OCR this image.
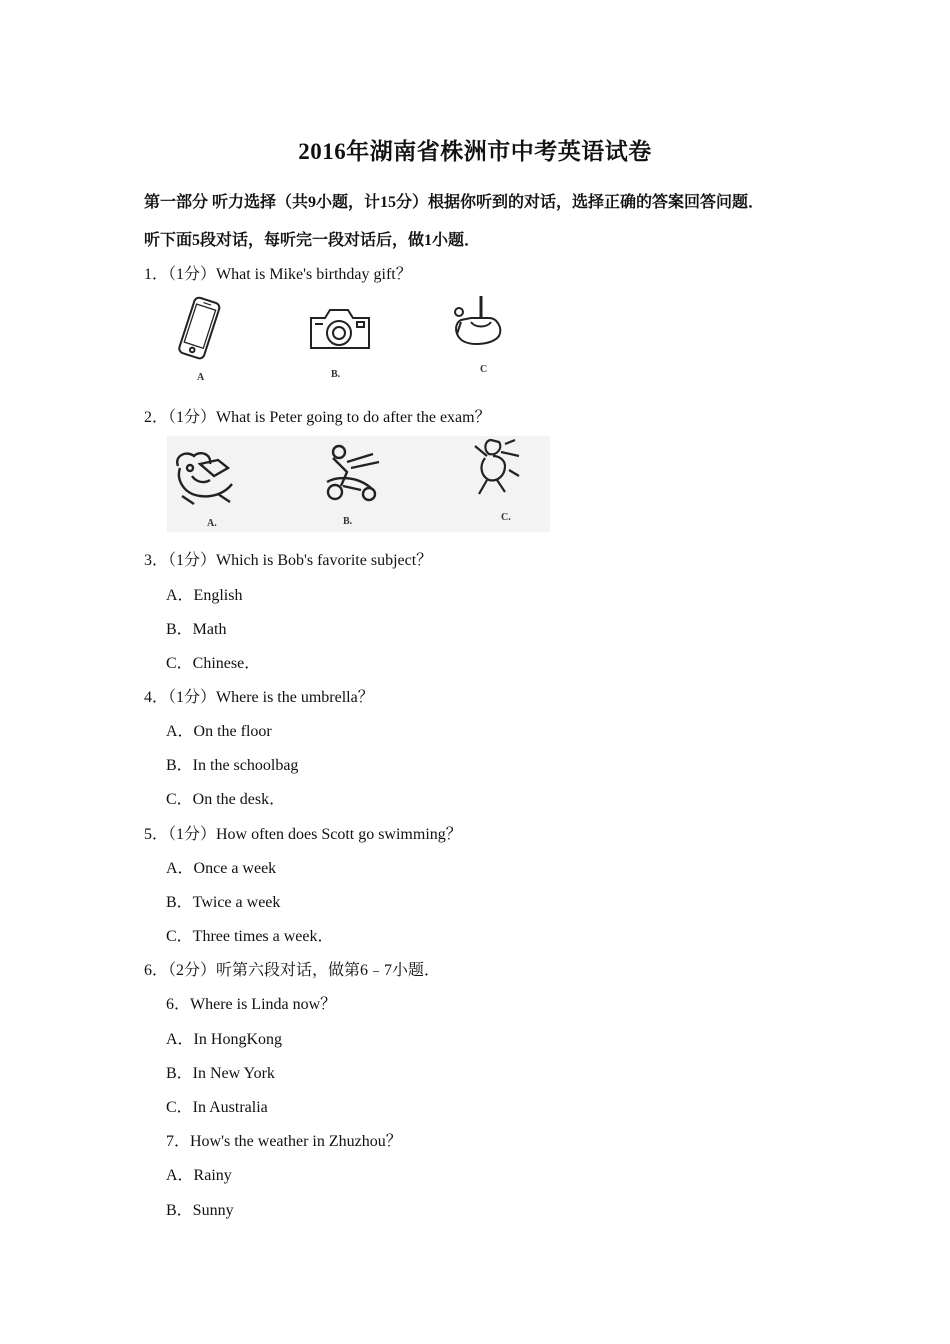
2016年湖南省株洲市中考英语试卷
第一部分 听力选择（共9小题，计15分）根据你听到的对话，选择正确的答案回答问题．
听下面5段对话，每听完一段对话后，做1小题．
1．（1分）What is Mike's birthday gift？
A	B.	C
2．（1分）What is Peter going to do after the exam？
A.	B.	C.
3．（1分）Which is Bob's favorite subject？
A．English
B．Math
C．Chinese．
4．（1分）Where is the umbrella？
A．On the floor
B．In the schoolbag
C．On the desk．
5．（1分）How often does Scott go swimming？
A．Once a week
B．Twice a week
C．Three times a week．
6．（2分）听第六段对话，做第6﹣7小题．
6．Where is Linda now？
A．In HongKong
B．In New York
C．In Australia
7．How's the weather in Zhuzhou？
A．Rainy
B．Sunny
